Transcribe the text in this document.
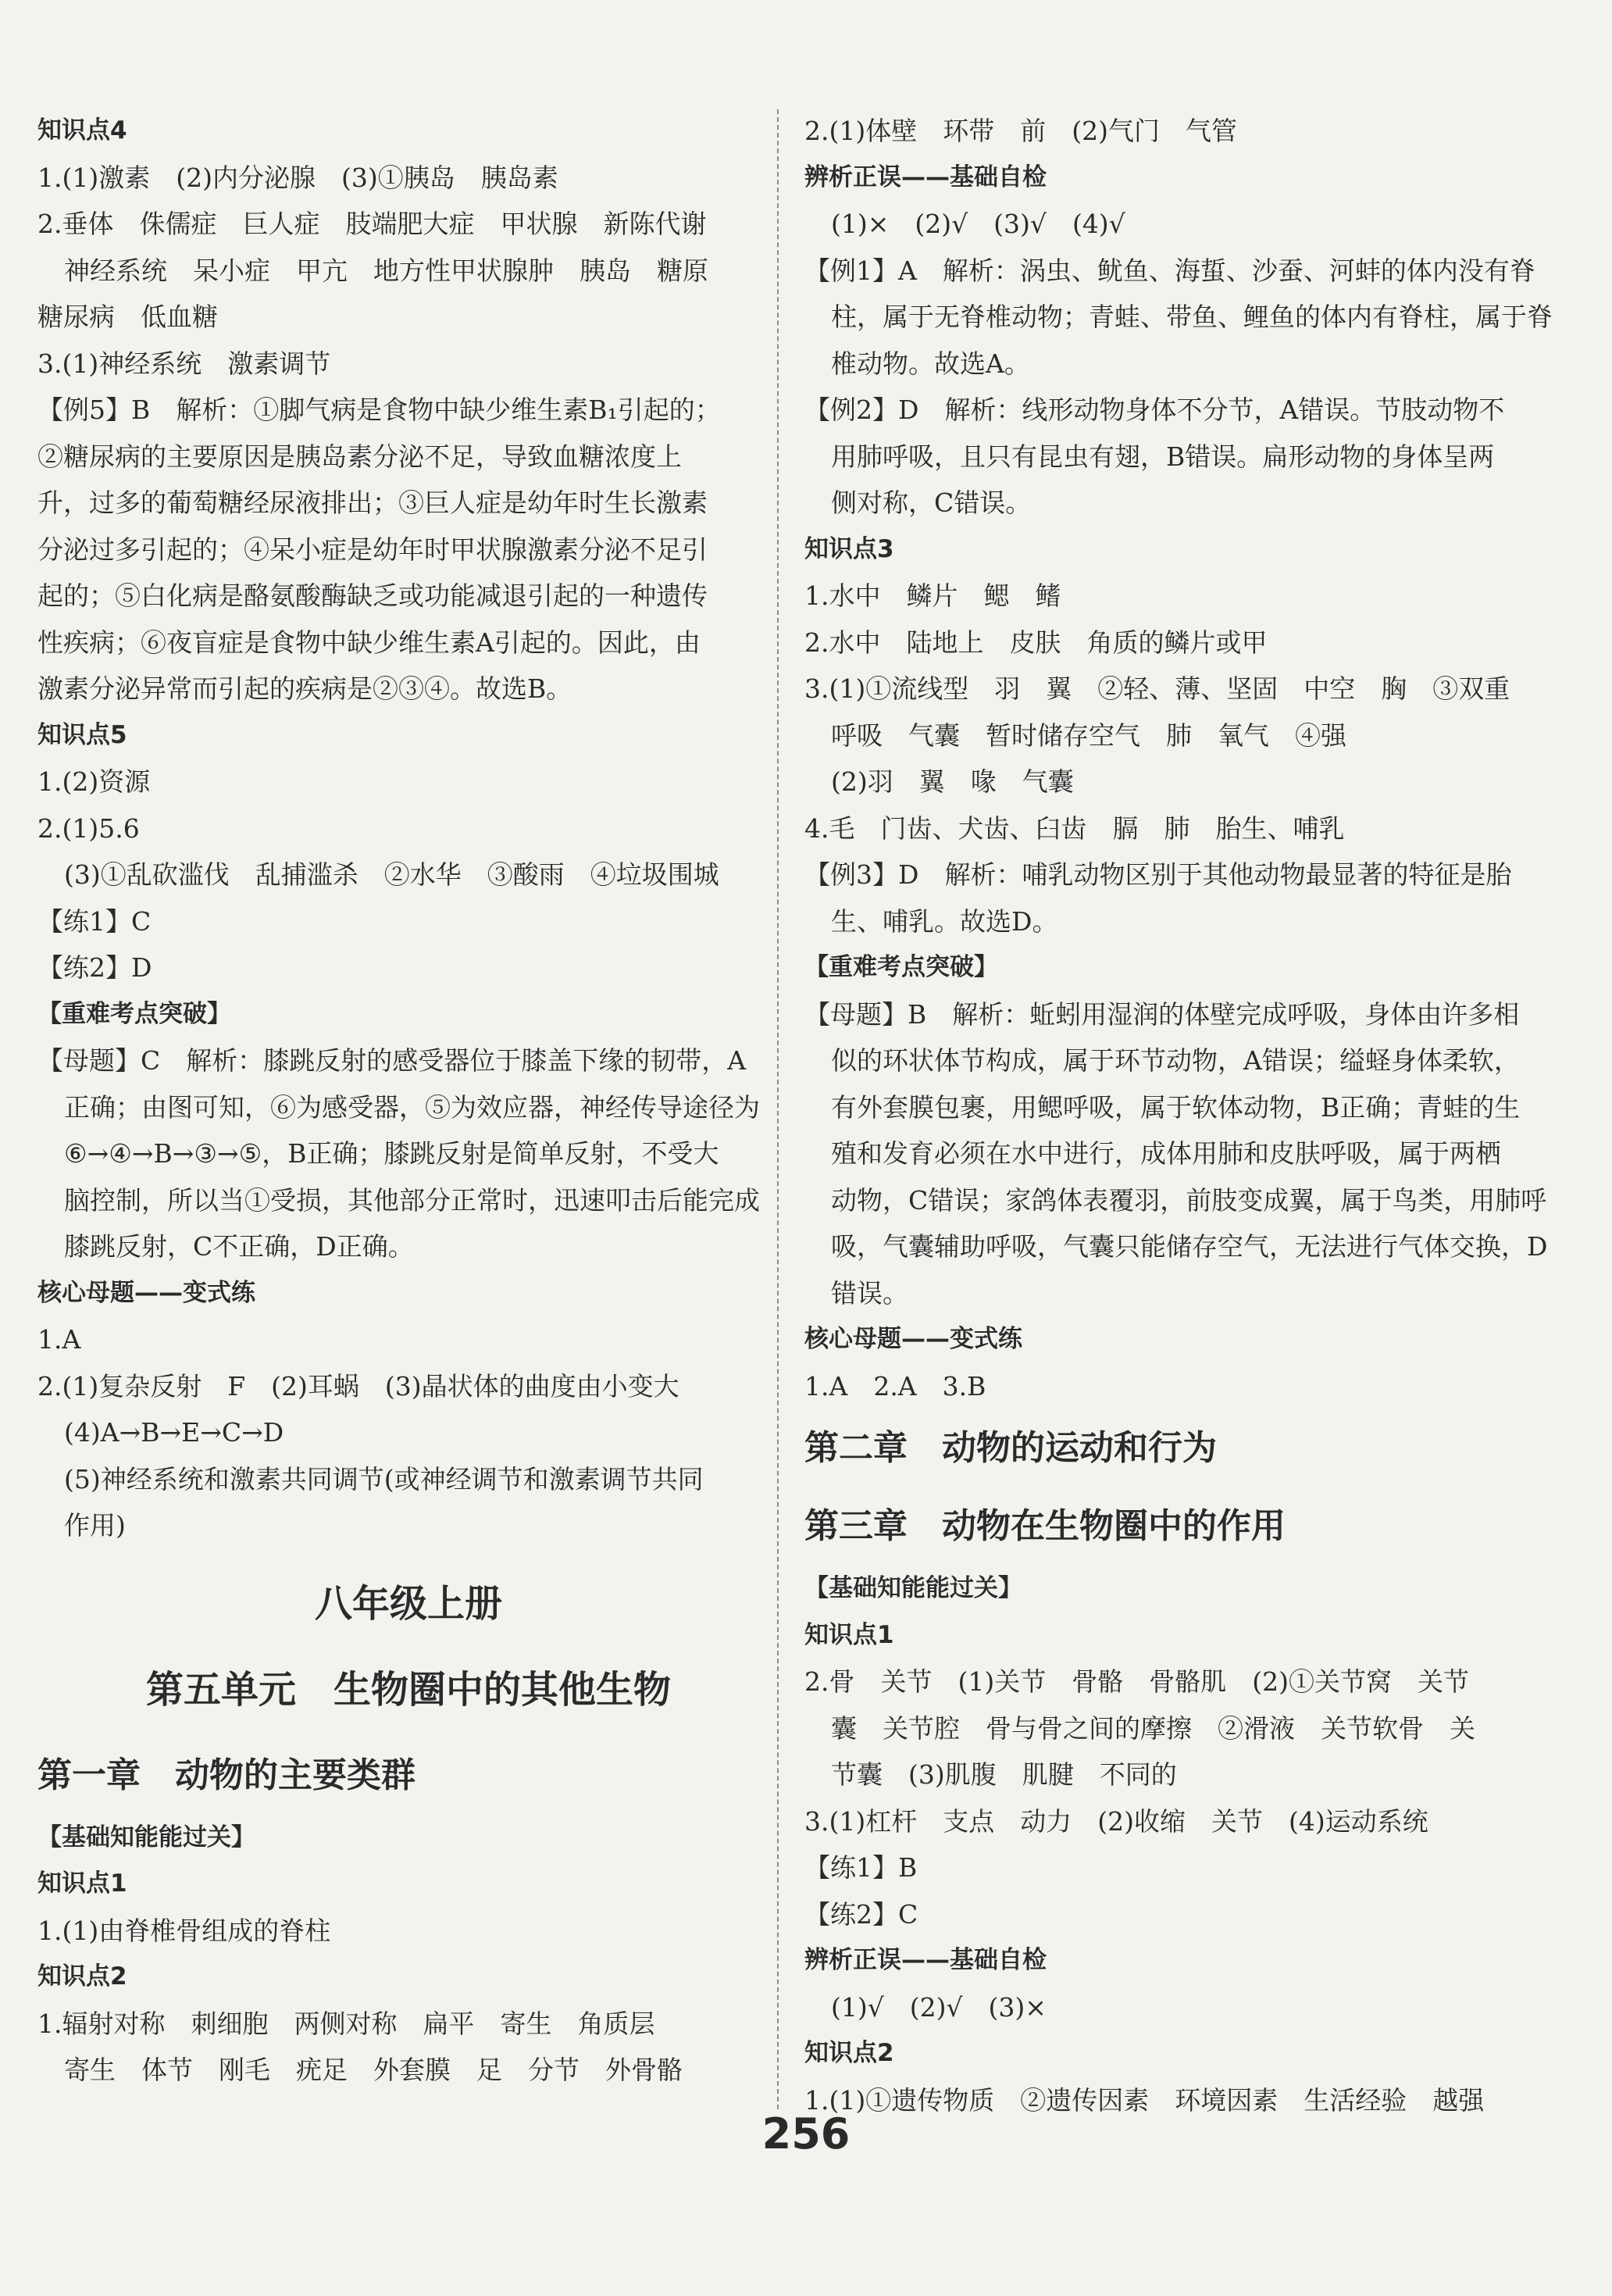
知识点4
1.(1)激素　(2)内分泌腺　(3)①胰岛　胰岛素
2.垂体　侏儒症　巨人症　肢端肥大症　甲状腺　新陈代谢
神经系统　呆小症　甲亢　地方性甲状腺肿　胰岛　糖原
糖尿病　低血糖
3.(1)神经系统　激素调节
【例5】B　解析：①脚气病是食物中缺少维生素B₁引起的；
②糖尿病的主要原因是胰岛素分泌不足，导致血糖浓度上
升，过多的葡萄糖经尿液排出；③巨人症是幼年时生长激素
分泌过多引起的；④呆小症是幼年时甲状腺激素分泌不足引
起的；⑤白化病是酪氨酸酶缺乏或功能减退引起的一种遗传
性疾病；⑥夜盲症是食物中缺少维生素A引起的。因此，由
激素分泌异常而引起的疾病是②③④。故选B。
知识点5
1.(2)资源
2.(1)5.6
(3)①乱砍滥伐　乱捕滥杀　②水华　③酸雨　④垃圾围城
【练1】C
【练2】D
【重难考点突破】
【母题】C　解析：膝跳反射的感受器位于膝盖下缘的韧带，A
正确；由图可知，⑥为感受器，⑤为效应器，神经传导途径为
⑥→④→B→③→⑤，B正确；膝跳反射是简单反射，不受大
脑控制，所以当①受损，其他部分正常时，迅速叩击后能完成
膝跳反射，C不正确，D正确。
核心母题——变式练
1.A
2.(1)复杂反射　F　(2)耳蜗　(3)晶状体的曲度由小变大
(4)A→B→E→C→D
(5)神经系统和激素共同调节(或神经调节和激素调节共同
作用)
八年级上册
第五单元　生物圈中的其他生物
第一章　动物的主要类群
【基础知能能过关】
知识点1
1.(1)由脊椎骨组成的脊柱
知识点2
1.辐射对称　刺细胞　两侧对称　扁平　寄生　角质层
寄生　体节　刚毛　疣足　外套膜　足　分节　外骨骼
2.(1)体壁　环带　前　(2)气门　气管
辨析正误——基础自检
(1)×　(2)√　(3)√　(4)√
【例1】A　解析：涡虫、鱿鱼、海蜇、沙蚕、河蚌的体内没有脊
柱，属于无脊椎动物；青蛙、带鱼、鲤鱼的体内有脊柱，属于脊
椎动物。故选A。
【例2】D　解析：线形动物身体不分节，A错误。节肢动物不
用肺呼吸，且只有昆虫有翅，B错误。扁形动物的身体呈两
侧对称，C错误。
知识点3
1.水中　鳞片　鳃　鳍
2.水中　陆地上　皮肤　角质的鳞片或甲
3.(1)①流线型　羽　翼　②轻、薄、坚固　中空　胸　③双重
呼吸　气囊　暂时储存空气　肺　氧气　④强
(2)羽　翼　喙　气囊
4.毛　门齿、犬齿、臼齿　膈　肺　胎生、哺乳
【例3】D　解析：哺乳动物区别于其他动物最显著的特征是胎
生、哺乳。故选D。
【重难考点突破】
【母题】B　解析：蚯蚓用湿润的体壁完成呼吸，身体由许多相
似的环状体节构成，属于环节动物，A错误；缢蛏身体柔软，
有外套膜包裹，用鳃呼吸，属于软体动物，B正确；青蛙的生
殖和发育必须在水中进行，成体用肺和皮肤呼吸，属于两栖
动物，C错误；家鸽体表覆羽，前肢变成翼，属于鸟类，用肺呼
吸，气囊辅助呼吸，气囊只能储存空气，无法进行气体交换，D
错误。
核心母题——变式练
1.A　2.A　3.B
第二章　动物的运动和行为
第三章　动物在生物圈中的作用
【基础知能能过关】
知识点1
2.骨　关节　(1)关节　骨骼　骨骼肌　(2)①关节窝　关节
囊　关节腔　骨与骨之间的摩擦　②滑液　关节软骨　关
节囊　(3)肌腹　肌腱　不同的
3.(1)杠杆　支点　动力　(2)收缩　关节　(4)运动系统
【练1】B
【练2】C
辨析正误——基础自检
(1)√　(2)√　(3)×
知识点2
1.(1)①遗传物质　②遗传因素　环境因素　生活经验　越强
256
